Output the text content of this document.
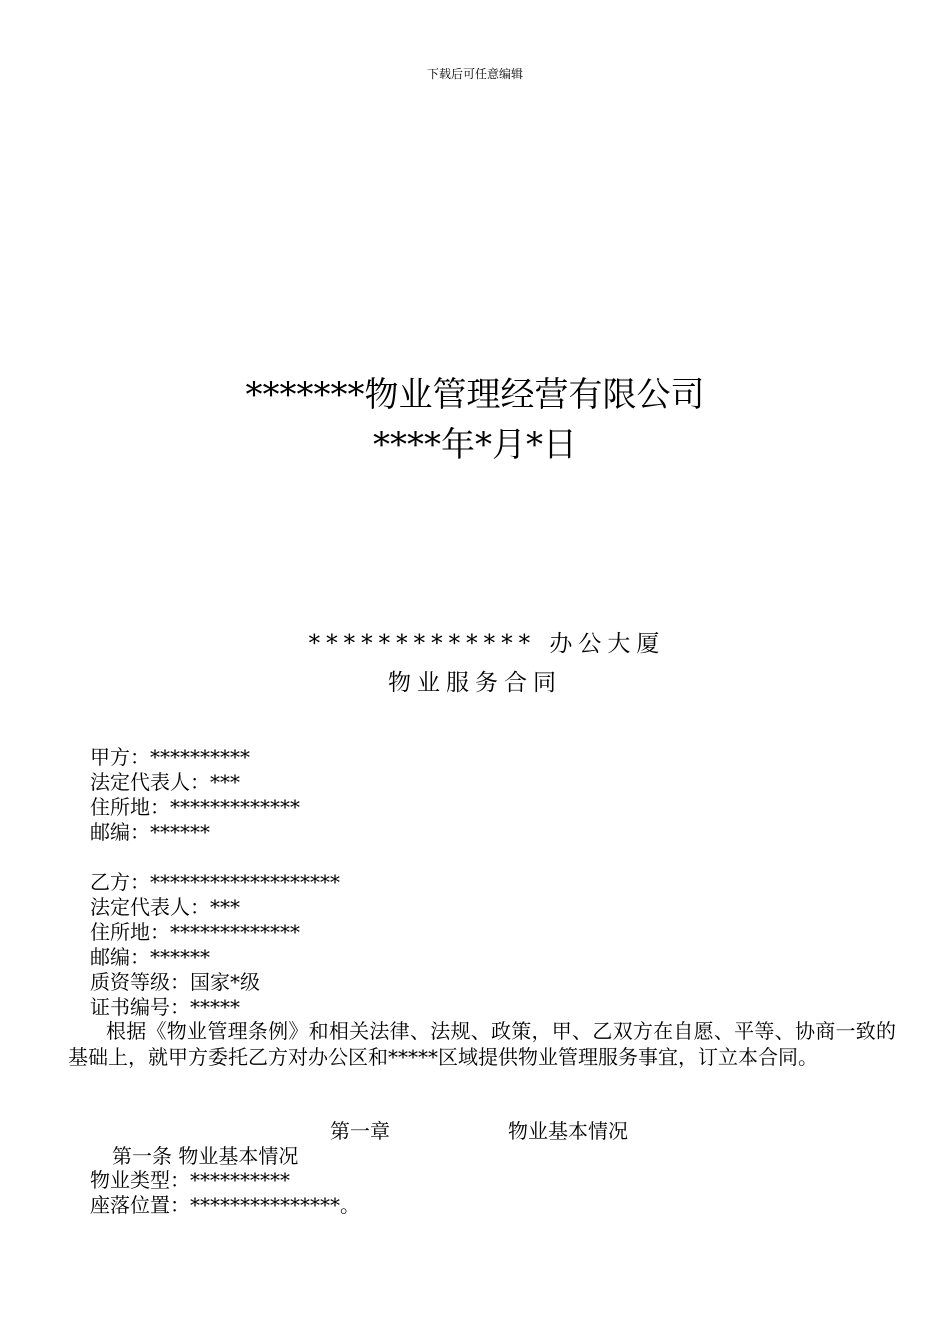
下载后可任意编辑
*******物业管理经营有限公司
****年*月*日
************* 办公大厦
物业服务合同
甲方：**********
法定代表人：***
住所地：*************
邮编：******
乙方：*******************
法定代表人：***
住所地：*************
邮编：******
质资等级：国家*级
证书编号：*****
根据《物业管理条例》和相关法律、法规、政策，甲、乙双方在自愿、平等、协商一致的基础上，就甲方委托乙方对办公区和*****区域提供物业管理服务事宜，订立本合同。
第一章	物业基本情况
第一条 物业基本情况
物业类型：**********
座落位置：***************。
